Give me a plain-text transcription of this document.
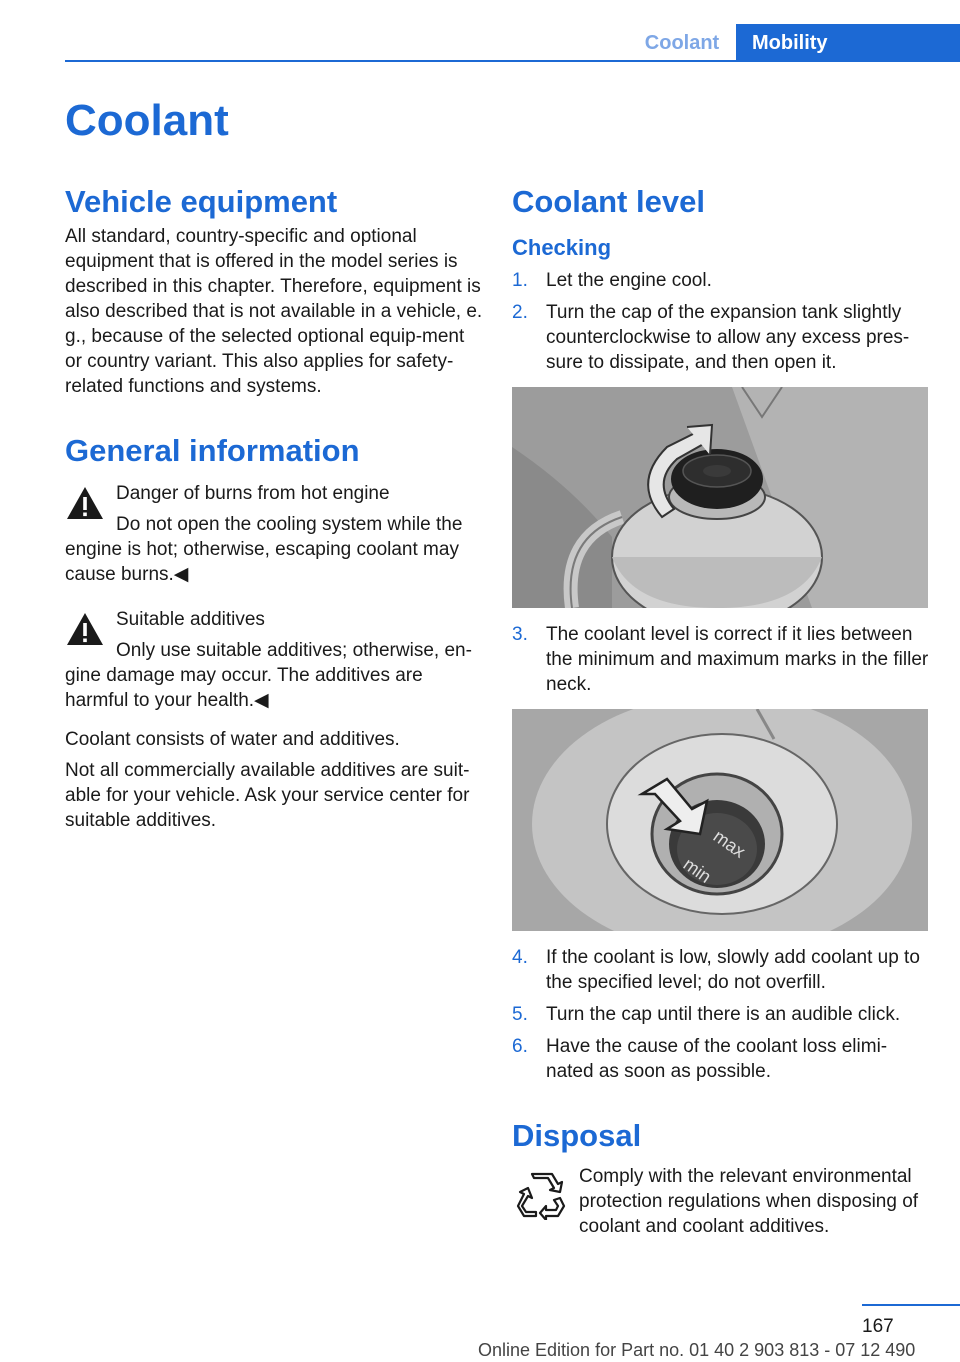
Coolant	Mobility
Coolant
Vehicle equipment

All standard, country-specific and optional equipment that is offered in the model series is described in this chapter. Therefore, equipment is also described that is not available in a vehicle, e. g., because of the selected optional equip-ment or country variant. This also applies for safety-related functions and systems.

General information

Danger of burns from hot engine

Do not open the cooling system while the engine is hot; otherwise, escaping coolant may cause burns.◀

Suitable additives

Only use suitable additives; otherwise, en-gine damage may occur. The additives are harmful to your health.◀

Coolant consists of water and additives.

Not all commercially available additives are suit-able for your vehicle. Ask your service center for suitable additives.

Coolant level
Checking
1. Let the engine cool.
2. Turn the cap of the expansion tank slightly counterclockwise to allow any excess pres-sure to dissipate, and then open it.
3. The coolant level is correct if it lies between the minimum and maximum marks in the filler neck.
max
min
4. If the coolant is low, slowly add coolant up to the specified level; do not overfill.
5. Turn the cap until there is an audible click.
6. Have the cause of the coolant loss elimi-nated as soon as possible.
Disposal

Comply with the relevant environmental protection regulations when disposing of coolant and coolant additives.

167
Online Edition for Part no. 01 40 2 903 813 - 07 12 490
